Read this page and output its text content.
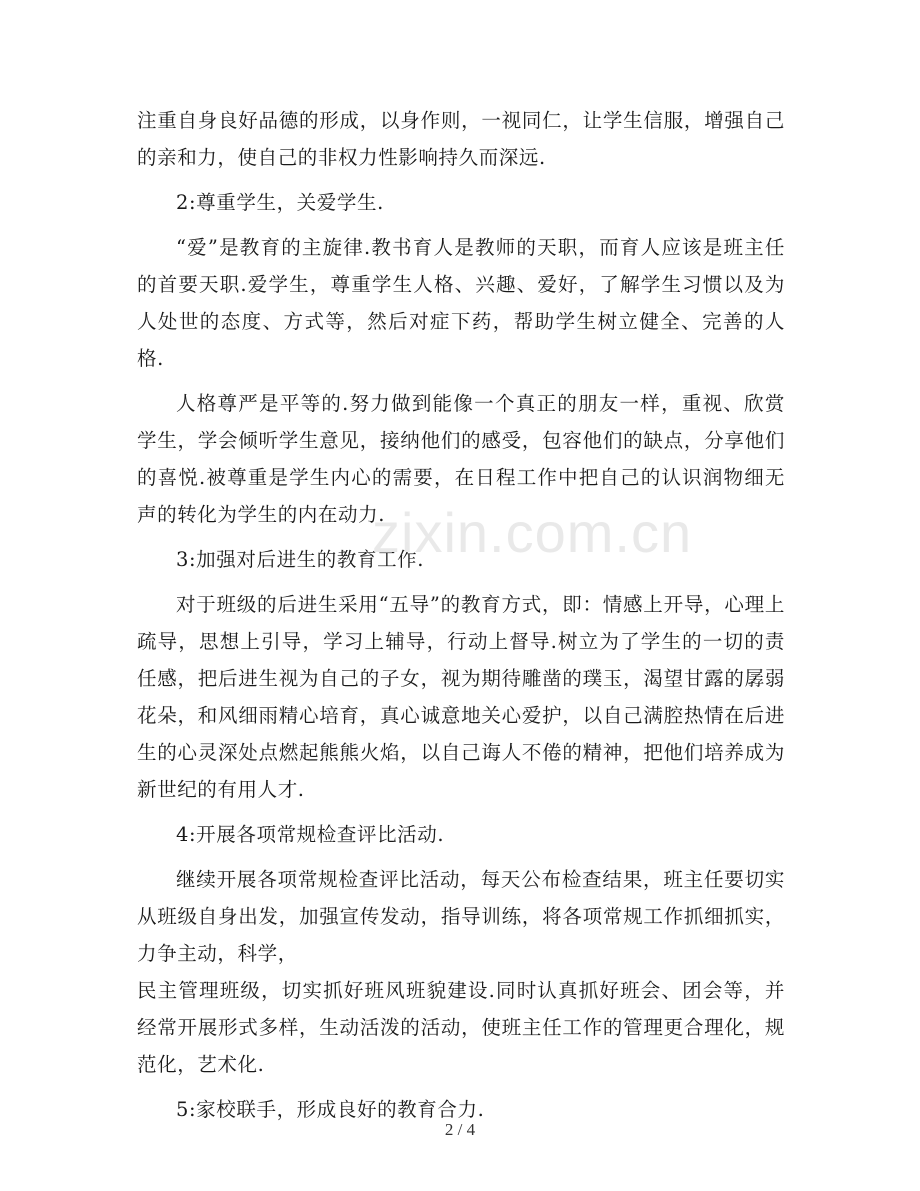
注重自身良好品德的形成，以身作则，一视同仁，让学生信服，增强自己的亲和力，使自己的非权力性影响持久而深远.

2:尊重学生，关爱学生.

“爱”是教育的主旋律.教书育人是教师的天职，而育人应该是班主任的首要天职.爱学生，尊重学生人格、兴趣、爱好，了解学生习惯以及为人处世的态度、方式等，然后对症下药，帮助学生树立健全、完善的人格.

人格尊严是平等的.努力做到能像一个真正的朋友一样，重视、欣赏学生，学会倾听学生意见，接纳他们的感受，包容他们的缺点，分享他们的喜悦.被尊重是学生内心的需要，在日程工作中把自己的认识润物细无声的转化为学生的内在动力.

3:加强对后进生的教育工作.

对于班级的后进生采用“五导”的教育方式，即：情感上开导，心理上疏导，思想上引导，学习上辅导，行动上督导.树立为了学生的一切的责任感，把后进生视为自己的子女，视为期待雕凿的璞玉，渴望甘露的孱弱花朵，和风细雨精心培育，真心诚意地关心爱护，以自己满腔热情在后进生的心灵深处点燃起熊熊火焰，以自己诲人不倦的精神，把他们培养成为新世纪的有用人才.

4:开展各项常规检查评比活动.

继续开展各项常规检查评比活动，每天公布检查结果，班主任要切实从班级自身出发，加强宣传发动，指导训练，将各项常规工作抓细抓实，力争主动，科学，

民主管理班级，切实抓好班风班貌建设.同时认真抓好班会、团会等，并经常开展形式多样，生动活泼的活动，使班主任工作的管理更合理化，规范化，艺术化.

5:家校联手，形成良好的教育合力.

zixin.com.cn
2 / 4
